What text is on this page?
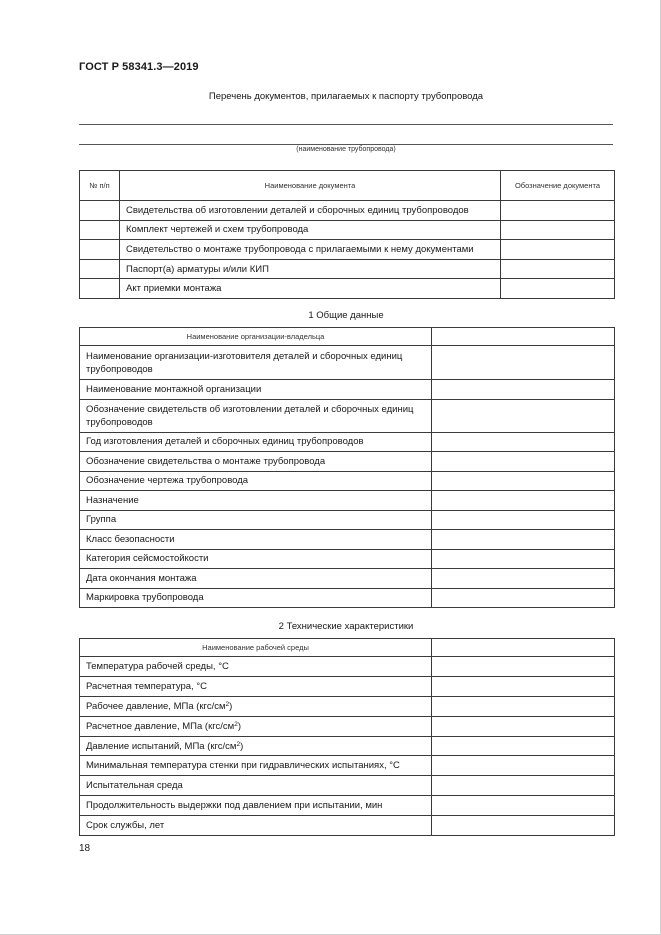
ГОСТ Р 58341.3—2019
Перечень документов, прилагаемых к паспорту трубопровода
(наименование трубопровода)
№ п/п	Наименование документа	Обозначение документа
	Свидетельства об изготовлении деталей и сборочных единиц трубопроводов	
	Комплект чертежей и схем трубопровода	
	Свидетельство о монтаже трубопровода с прилагаемыми к нему документами	
	Паспорт(а) арматуры и/или КИП	
	Акт приемки монтажа	
1 Общие данные
Наименование организации-владельца	
Наименование организации-изготовителя деталей и сборочных единиц трубопроводов	
Наименование монтажной организации	
Обозначение свидетельств об изготовлении деталей и сборочных единиц трубопроводов	
Год изготовления деталей и сборочных единиц трубопроводов	
Обозначение свидетельства о монтаже трубопровода	
Обозначение чертежа трубопровода	
Назначение	
Группа	
Класс безопасности	
Категория сейсмостойкости	
Дата окончания монтажа	
Маркировка трубопровода	
2 Технические характеристики
Наименование рабочей среды	
Температура рабочей среды, °С	
Расчетная температура, °С	
Рабочее давление, МПа $(кгс/см^2)$	
Расчетное давление, МПа $(кгс/см^2)$	
Давление испытаний, МПа $(кгс/см^2)$	
Минимальная температура стенки при гидравлических испытаниях, °С	
Испытательная среда	
Продолжительность выдержки под давлением при испытании, мин	
Срок службы, лет	
18
